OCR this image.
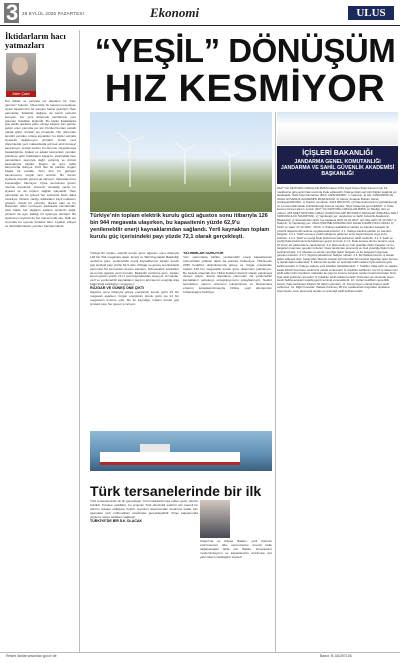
3 28 EYLÜL 2026 PAZARTESİ	Ekonomi	ULUS
İktidarların hacı yatmazları
Zafer Çakır
Her iktidar ve yanında yer alanların bir “hacı yatmazı” bulunur. Ülkemizde bu kavram neredeyse siyasi hayatımızın bir parçası haline gelmiştir. Hacı yatmazlar; iktidarlar değişse de kendi yerlerini koruyan, her yeni dönemde kendilerine yeni görevler bulabilen kişilerdir. Bu kişiler iktidarlarda güç sahibi olanlara yakın olmayı başarır, kim gelirse gelsin onun yanında yer alır. Kimileri bunları ustalık olarak görür, kimileri ise fırsatçılık. Her dönemde kendini yeniden ortaya koyabilen bu kişiler aslında siyasetin değişmeyen yüzüdür. Onları yeni dönemlerde yeni makamlarda görmek artık kimseyi şaşırtmıyor. Ancak toplum bu durumu sorgulamaya başladığında, liyakat ve adalet kavramları yeniden gündeme gelir. İktidarların başarısı, etrafındaki hacı yatmazların sayısıyla değil, yetişmiş ve dürüst kadrolarıyla ölçülür. Bugün de aynı tablo karşımızda duruyor. Kimi dün bir partide, bugün başka bir partide. Kimi dün bir görüşün savunucusu, bugün tam tersinin. Bu durum siyasete duyulan güveni de sarsıyor. Vatandaş kime inanacağını bilemiyor. Oysa demokrasi güven üzerine kuruludur. Güvenin olmadığı yerde ne siyaset ne de toplum sağlıklı işleyebilir. Hacı yatmazlar ise bu güveni her seferinde biraz daha zedeliyor. Onların varlığı, iktidarların zayıf noktasını gösterir. Güçlü bir yönetim, ilkeleri olan ve bu ilkelerden ödün vermeyen kadrolarla mümkündür. Aksi halde her değişim sadece isimlerin değil, yüzlerin de aynı kaldığı bir tiyatroya dönüşür. Bu tiyatronun seyircisi de her zaman halk olur. Halk ise sonunda bu oyunun bedelini öder. Liyakat, ehliyet ve dürüstlük ilkeleri yeniden hatırlanmalıdır.
“YEŞİL” DÖNÜŞÜM
HIZ KESMİYOR
Türkiye’nin toplam elektrik kurulu gücü ağustos sonu itibarıyla 126 bin 944 megavata ulaşırken, bu kapasitenin yüzde 62,9’u yenilenebilir enerji kaynaklarından sağlandı. Yerli kaynaktan toplam kurulu güç içerisindeki payı yüzde 72,1 olarak gerçekleşti.
Türkiye’nin toplam elektrik kurulu gücü ağustos sonu itibarıyla 126 bin 944 megavata ulaştı. Enerji ve Tabii Kaynaklar Bakanlığı verilerine göre, yenilenebilir enerji kaynaklarının toplam kurulu güç içindeki payı yüzde 62,9 oldu. Rüzgar ve güneş enerjisindeki yatırımlar hız kesmeden devam ederken, hidroelektrik santralleri de kurulu güçteki yerini korudu. Bakanlık verilerine göre, toplam kurulu gücün yüzde 72,1’i yerli kaynaklardan oluşuyor. Uzmanlar, yerli ve yenilenebilir kaynakların payının artmasının enerjide dışa bağımlılığı azalttığını vurguluyor.
RÜZGAR VE GÜNEŞ ÖNE ÇIKTI
Ağustos sonu itibarıyla güneş enerjisinin kurulu gücü 24 bin megavatı aşarken, rüzgar enerjisinin kurulu gücü ise 14 bin megavatın üzerine çıktı. Bu iki kaynağın toplam kurulu güç içindeki payı her geçen yıl artıyor.
YATIRIMLAR SÜRÜYOR
Yeni yatırımlarla birlikte yenilenebilir enerji kapasitesinin önümüzdeki yıllarda daha da artması bekleniyor. Hükümetin 2035 hedefleri doğrultusunda güneş ve rüzgar enerjisinde toplam 120 bin megavatlık kurulu güce ulaşılması planlanıyor. Bu hedefe ulaşmak için YEKA ihaleleri düzenli olarak yapılmaya devam ediyor. Enerji depolama yatırımları da yenilenebilir kaynakların şebekeye entegrasyonunu kolaylaştırıyor. Sektör temsilcileri, yatırım ortamının iyileştirilmesi ve finansmana erişimin kolaylaştırılmasıyla birlikte yeşil dönüşümün hızlanacağını belirtiyor.
Türk tersanelerinde bir ilk
Türk tersanelerinde bir ilk gerçekleşti. Yerli imkanlarla inşa edilen gemi, denize indirildi. Tersane yetkilileri, bu projenin Türk denizcilik sektörü için önemli bir dönüm noktası olduğunu belirtti. Geminin tasarımından üretimine kadar tüm aşamalar yerli mühendisler tarafından gerçekleştirildi. Proje kapsamında yüzlerce kişiye istihdam sağlandı.
TÜRKİYE’DE BİR İLK OLACAK
Ulaştırma ve Altyapı Bakanı, yerli üretimin artırılmasının ülke ekonomisine önemli katkı sağlayacağını ifade etti. Bakan, tersanelerin modernizasyonu ve kapasitesinin artırılması için yatırımların sürdüğünü söyledi.
İÇİŞLERİ BAKANLIĞI
JANDARMA GENEL KOMUTANLIĞI JANDARMA VE SAHİL GÜVENLİK AKADEMİSİ BAŞKANLIĞI
2027 YILI MOTORLU ARAÇLAR ZMSS ihalesi 4734 sayılı Kamu İhale Kanunu’nun 19. maddesine göre açık ihale usulü ile ihale edilecektir. İhaleye ilişkin ayrıntılı bilgiler aşağıda yer almaktadır. İhale Kayıt Numarası (İKN): 2026/1234567. 1- İdarenin: a) Adı: JANDARMA VE SAHİL GÜVENLİK AKADEMİSİ BAŞKANLIĞI. b) Adresi: Anadolu Bulvarı Gimat, Çankaya/ANKARA. c) Telefon numarası: 0312 000 00 00. ç) İhale dokümanının görülebileceği ve e-imza kullanılarak indirilebileceği internet sayfası: https://ekap.kik.gov.tr/EKAP/. 2- İhale konusu hizmet alımın: a) Adı: 2027 YILI MOTORLU ARAÇLAR ZMSS. b) Niteliği, türü ve miktarı: 378 ADET MOTORLU ARAÇ (KARAYOLLARI MOTORLU ARAÇLAR ZORUNLU MALİ SORUMLULUK SİGORTASI). c) Yapılacağı yer: Jandarma ve Sahil Güvenlik Akademisi Başkanlığı. ç) Süresi/teslim tarihi: İşe başlama tarihi 01.01.2027, işin bitiş tarihi 31.12.2027. 3- İhalenin: a) Yapılacağı yer: JSGA İŞLETME MÜDÜRLÜĞÜ İHALE KOMİSYONU ODASI. b) Tarihi ve saati: 27.10.2026 - 10:00. 4- İhaleye katılabilme şartları ve istenilen belgeler ile yeterlik değerlendirmesinde uygulanacak kriterler: 4.1. İhaleye katılma şartları ve istenilen belgeler: 4.1.1. Teklif vermeye yetkili olduğunu gösteren imza beyannamesi veya imza sirküleri. 4.1.2. Şekli ve içeriği İhale Dokümanında belirlenen teklif mektubu. 4.1.3. Şekli ve içeriği İhale Dokümanında belirlenen geçici teminat. 4.1.4. İhale konusu alımın tamamı veya bir kısmı alt yüklenicilere yaptırılamaz. 4.2. Ekonomik ve mali yeterliğe ilişkin belgeler ve bu belgelerin taşıması gereken kriterler: İdare tarafından ekonomik ve mali yeterliğe ilişkin kriter belirtilmemiştir. 4.3. Mesleki ve teknik yeterliğe ilişkin belgeler ve bu belgelerin taşıması gereken kriterler: 4.3.1. Sigorta şirketlerinin faaliyet ruhsatı. 4.4. Bu ihalede benzer iş olarak kabul edilecek işler: Karayolları Motorlu Araçlar Zorunlu Mali Sorumluluk Sigortası işleri benzer iş olarak kabul edilecektir. 5. Ekonomik açıdan en avantajlı teklif sadece fiyat esasına göre belirlenecektir. 6. İhaleye sadece yerli istekliler katılabilecektir. 7. Teklifler, ihale tarih ve saatine kadar EKAP üzerinden elektronik olarak verilecektir. 8. İstekliler tekliflerini, her bir iş kalemi için teklif edilen birim fiyatların miktarları ile çarpımı sonucu bulunan toplam bedel üzerinden birim fiyat teklif şeklinde verecektir. 9. İstekliler teklif ettikleri bedelin %3’ünden az olmamak üzere kendi belirleyecekleri tutarda geçici teminat vereceklerdir. 10. Verilen tekliflerin geçerlilik süresi, ihale tarihinden itibaren 60 takvim günüdür. 11. Konsorsiyum olarak ihaleye teklif verilemez. 12. Diğer hususlar: İhalede Kanunun 38 inci maddesinde öngörülen açıklama istenmeden önce ekonomik açıdan en avantajlı teklif belirlenecektir.
Resmi ilanlar www.ilan.gov.tr’de	Basın: B.342/87136
